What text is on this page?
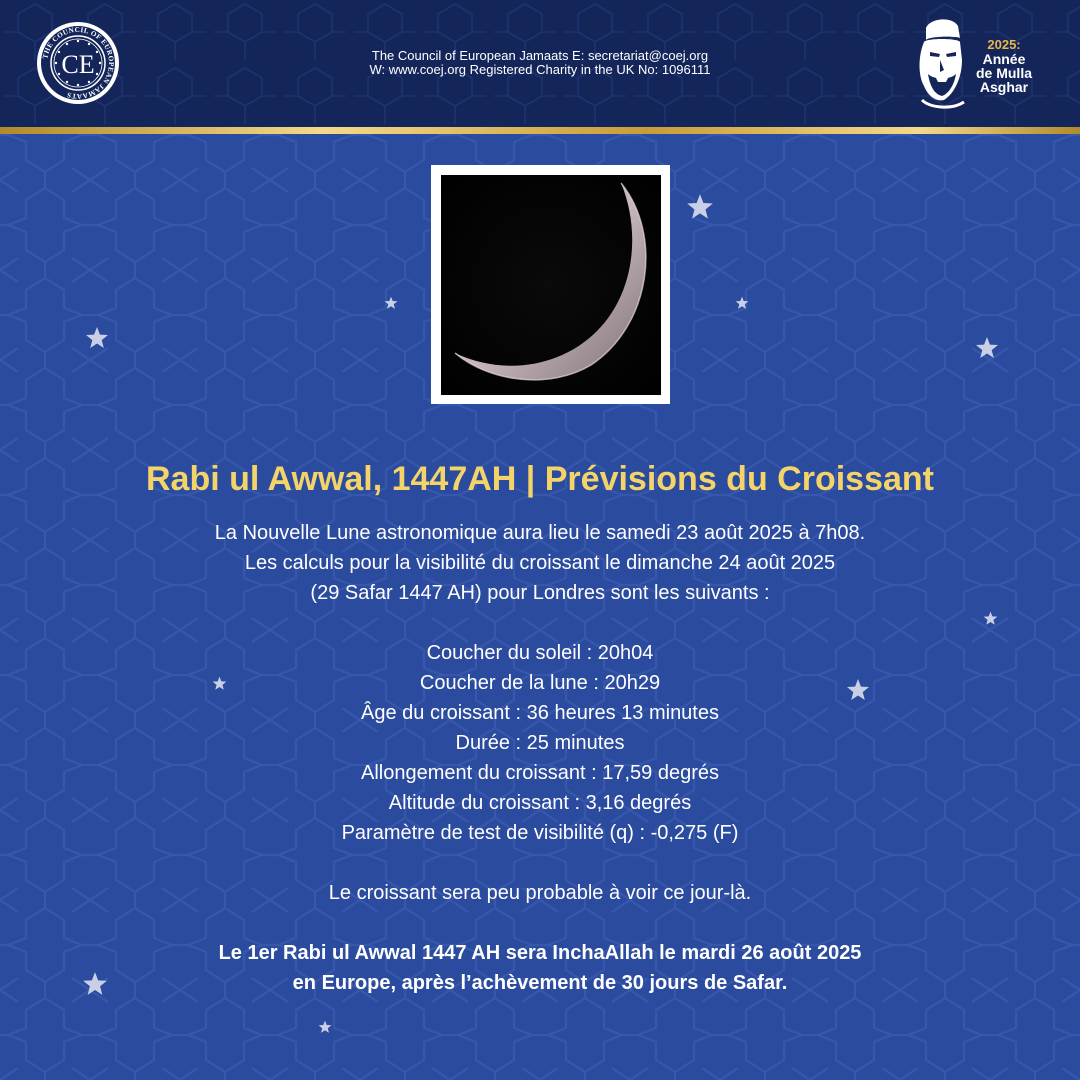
THE COUNCIL OF EUROPEAN JAMAATS
CE	The Council of European Jamaats E: secretariat@coej.org
W: www.coej.org Registered Charity in the UK No: 1096111
2025:
Année
de Mulla
Asghar
Rabi ul Awwal, 1447AH | Prévisions du Croissant
La Nouvelle Lune astronomique aura lieu le samedi 23 août 2025 à 7h08.
Les calculs pour la visibilité du croissant le dimanche 24 août 2025
(29 Safar 1447 AH) pour Londres sont les suivants :
Coucher du soleil : 20h04
Coucher de la lune : 20h29
Âge du croissant : 36 heures 13 minutes
Durée : 25 minutes
Allongement du croissant : 17,59 degrés
Altitude du croissant : 3,16 degrés
Paramètre de test de visibilité (q) : -0,275 (F)
Le croissant sera peu probable à voir ce jour-là.
Le 1er Rabi ul Awwal 1447 AH sera InchaAllah le mardi 26 août 2025
en Europe, après l’achèvement de 30 jours de Safar.
